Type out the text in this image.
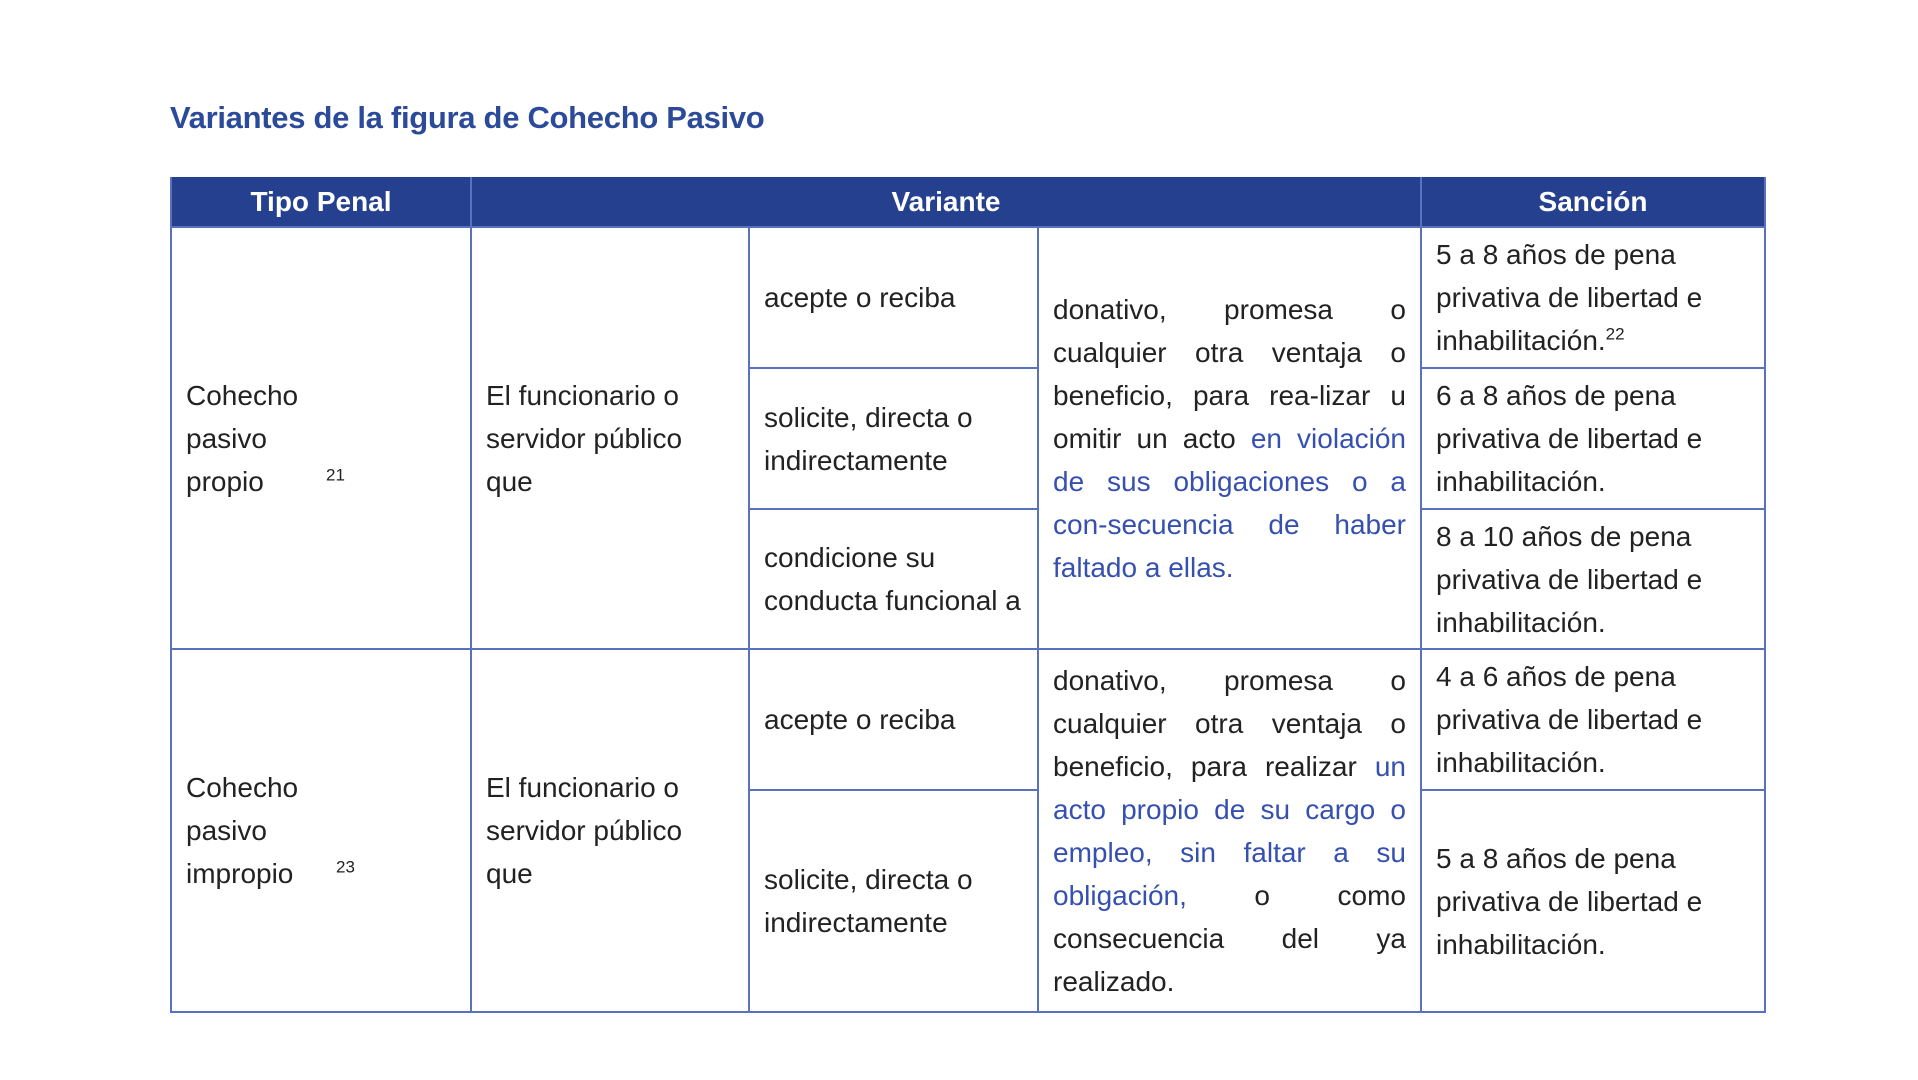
Variantes de la figura de Cohecho Pasivo
Tipo Penal	Variante			Sanción
Cohecho pasivo propio $^{21}$	El funcionario o servidor público que	acepte o reciba	donativo, promesa o cualquier otra ventaja o beneficio, para rea-lizar u omitir un acto en violación de sus obligaciones o a con-secuencia de haber faltado a ellas.	5 a 8 años de pena privativa de libertad e inhabilitación.$^{22}$
		solicite, directa o indirectamente		6 a 8 años de pena privativa de libertad e inhabilitación.
		condicione su conducta funcional a		8 a 10 años de pena privativa de libertad e inhabilitación.
Cohecho pasivo impropio $^{23}$	El funcionario o servidor público que	acepte o reciba	donativo, promesa o cualquier otra ventaja o beneficio, para realizar un acto propio de su cargo o empleo, sin faltar a su obligación, o como consecuencia del ya realizado.	4 a 6 años de pena privativa de libertad e inhabilitación.
		solicite, directa o indirectamente		5 a 8 años de pena privativa de libertad e inhabilitación.
